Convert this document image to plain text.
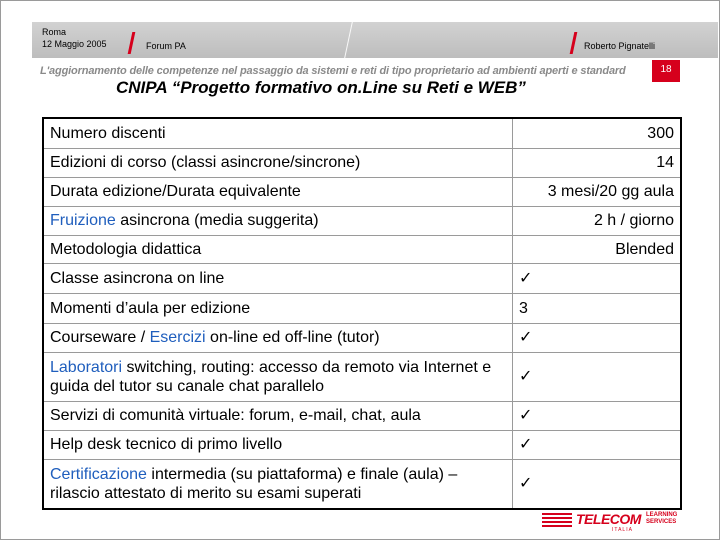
Roma
12 Maggio 2005	Forum PA	Roberto Pignatelli
L'aggiornamento delle competenze nel passaggio da sistemi e reti di tipo proprietario ad ambienti aperti e standard	18
CNIPA “Progetto formativo on.Line su Reti e WEB”
Numero discenti	300
Edizioni di corso (classi asincrone/sincrone)	14
Durata edizione/Durata equivalente	3 mesi/20 gg aula
Fruizione asincrona (media suggerita)	2 h / giorno
Metodologia didattica	Blended
Classe asincrona on line	✓
Momenti d’aula per edizione	3
Courseware / Esercizi on-line ed off-line (tutor)	✓
Laboratori switching, routing: accesso da remoto via Internet e guida del tutor su canale chat parallelo	✓
Servizi di comunità virtuale: forum, e-mail, chat, aula	✓
Help desk tecnico di primo livello	✓
Certificazione intermedia (su piattaforma) e finale (aula) – rilascio attestato di merito su esami superati	✓
TELECOM
ITALIA
LEARNING
SERVICES
